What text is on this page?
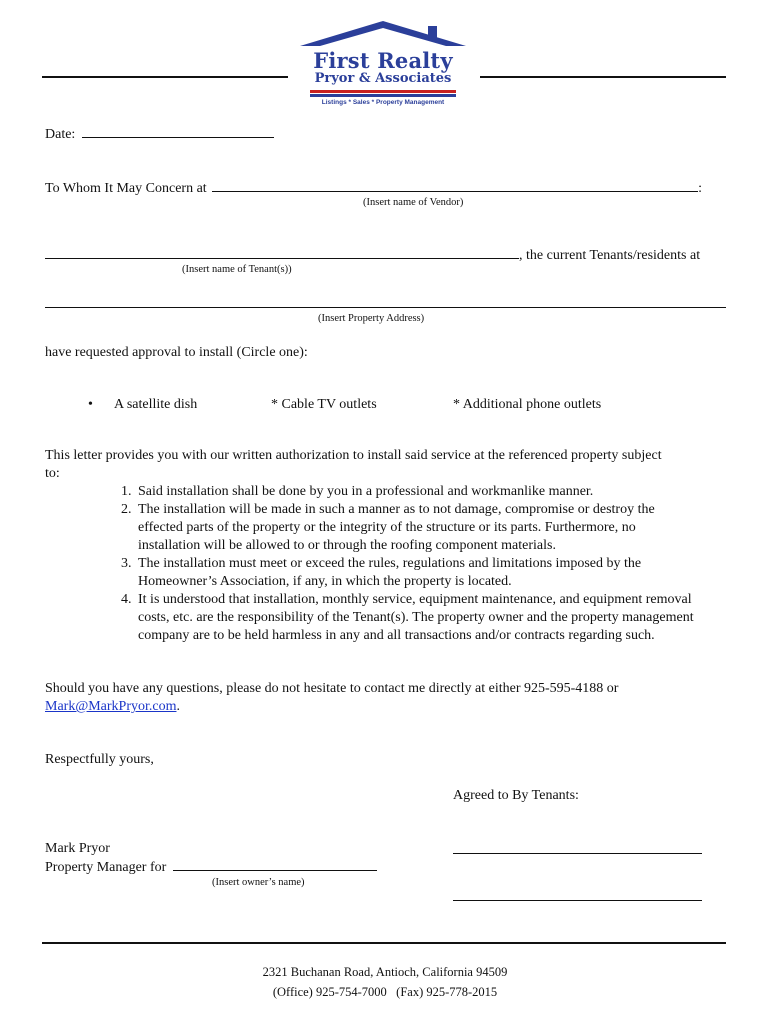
First Realty
Pryor & Associates
Listings * Sales * Property Management
Date:
To Whom It May Concern at	:
(Insert name of Vendor)
, the current Tenants/residents at
(Insert name of Tenant(s))
(Insert Property Address)
have requested approval to install (Circle one):
• A satellite dish	* Cable TV outlets	* Additional phone outlets
This letter provides you with our written authorization to install said service at the referenced property subject
to:
1. Said installation shall be done by you in a professional and workmanlike manner.
2. The installation will be made in such a manner as to not damage, compromise or destroy the effected parts of the property or the integrity of the structure or its parts. Furthermore, no installation will be allowed to or through the roofing component materials.
3. The installation must meet or exceed the rules, regulations and limitations imposed by the Homeowner’s Association, if any, in which the property is located.
4. It is understood that installation, monthly service, equipment maintenance, and equipment removal costs, etc. are the responsibility of the Tenant(s). The property owner and the property management company are to be held harmless in any and all transactions and/or contracts regarding such.
Should you have any questions, please do not hesitate to contact me directly at either 925-595-4188 or
Mark@MarkPryor.com.
Respectfully yours,
Agreed to By Tenants:
Mark Pryor
Property Manager for
(Insert owner’s name)
2321 Buchanan Road, Antioch, California 94509
(Office) 925-754-7000   (Fax) 925-778-2015
